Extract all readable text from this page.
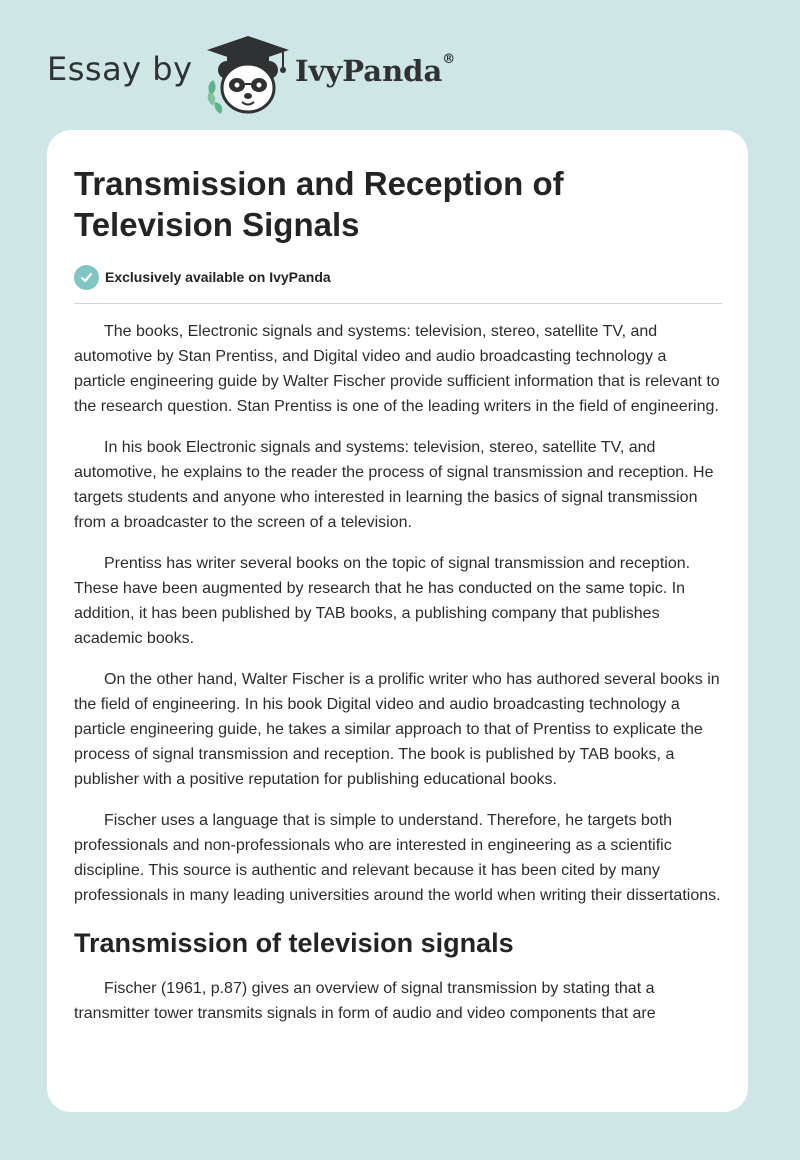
Essay by	IvyPanda®
Transmission and Reception of Television Signals
Exclusively available on IvyPanda

The books, Electronic signals and systems: television, stereo, satellite TV, and automotive by Stan Prentiss, and Digital video and audio broadcasting technology a particle engineering guide by Walter Fischer provide sufficient information that is relevant to the research question. Stan Prentiss is one of the leading writers in the field of engineering.

In his book Electronic signals and systems: television, stereo, satellite TV, and automotive, he explains to the reader the process of signal transmission and reception. He targets students and anyone who interested in learning the basics of signal transmission from a broadcaster to the screen of a television.

Prentiss has writer several books on the topic of signal transmission and reception. These have been augmented by research that he has conducted on the same topic. In addition, it has been published by TAB books, a publishing company that publishes academic books.

On the other hand, Walter Fischer is a prolific writer who has authored several books in the field of engineering. In his book Digital video and audio broadcasting technology a particle engineering guide, he takes a similar approach to that of Prentiss to explicate the process of signal transmission and reception. The book is published by TAB books, a publisher with a positive reputation for publishing educational books.

Fischer uses a language that is simple to understand. Therefore, he targets both professionals and non-professionals who are interested in engineering as a scientific discipline. This source is authentic and relevant because it has been cited by many professionals in many leading universities around the world when writing their dissertations.

Transmission of television signals

Fischer (1961, p.87) gives an overview of signal transmission by stating that a transmitter tower transmits signals in form of audio and video components that are
